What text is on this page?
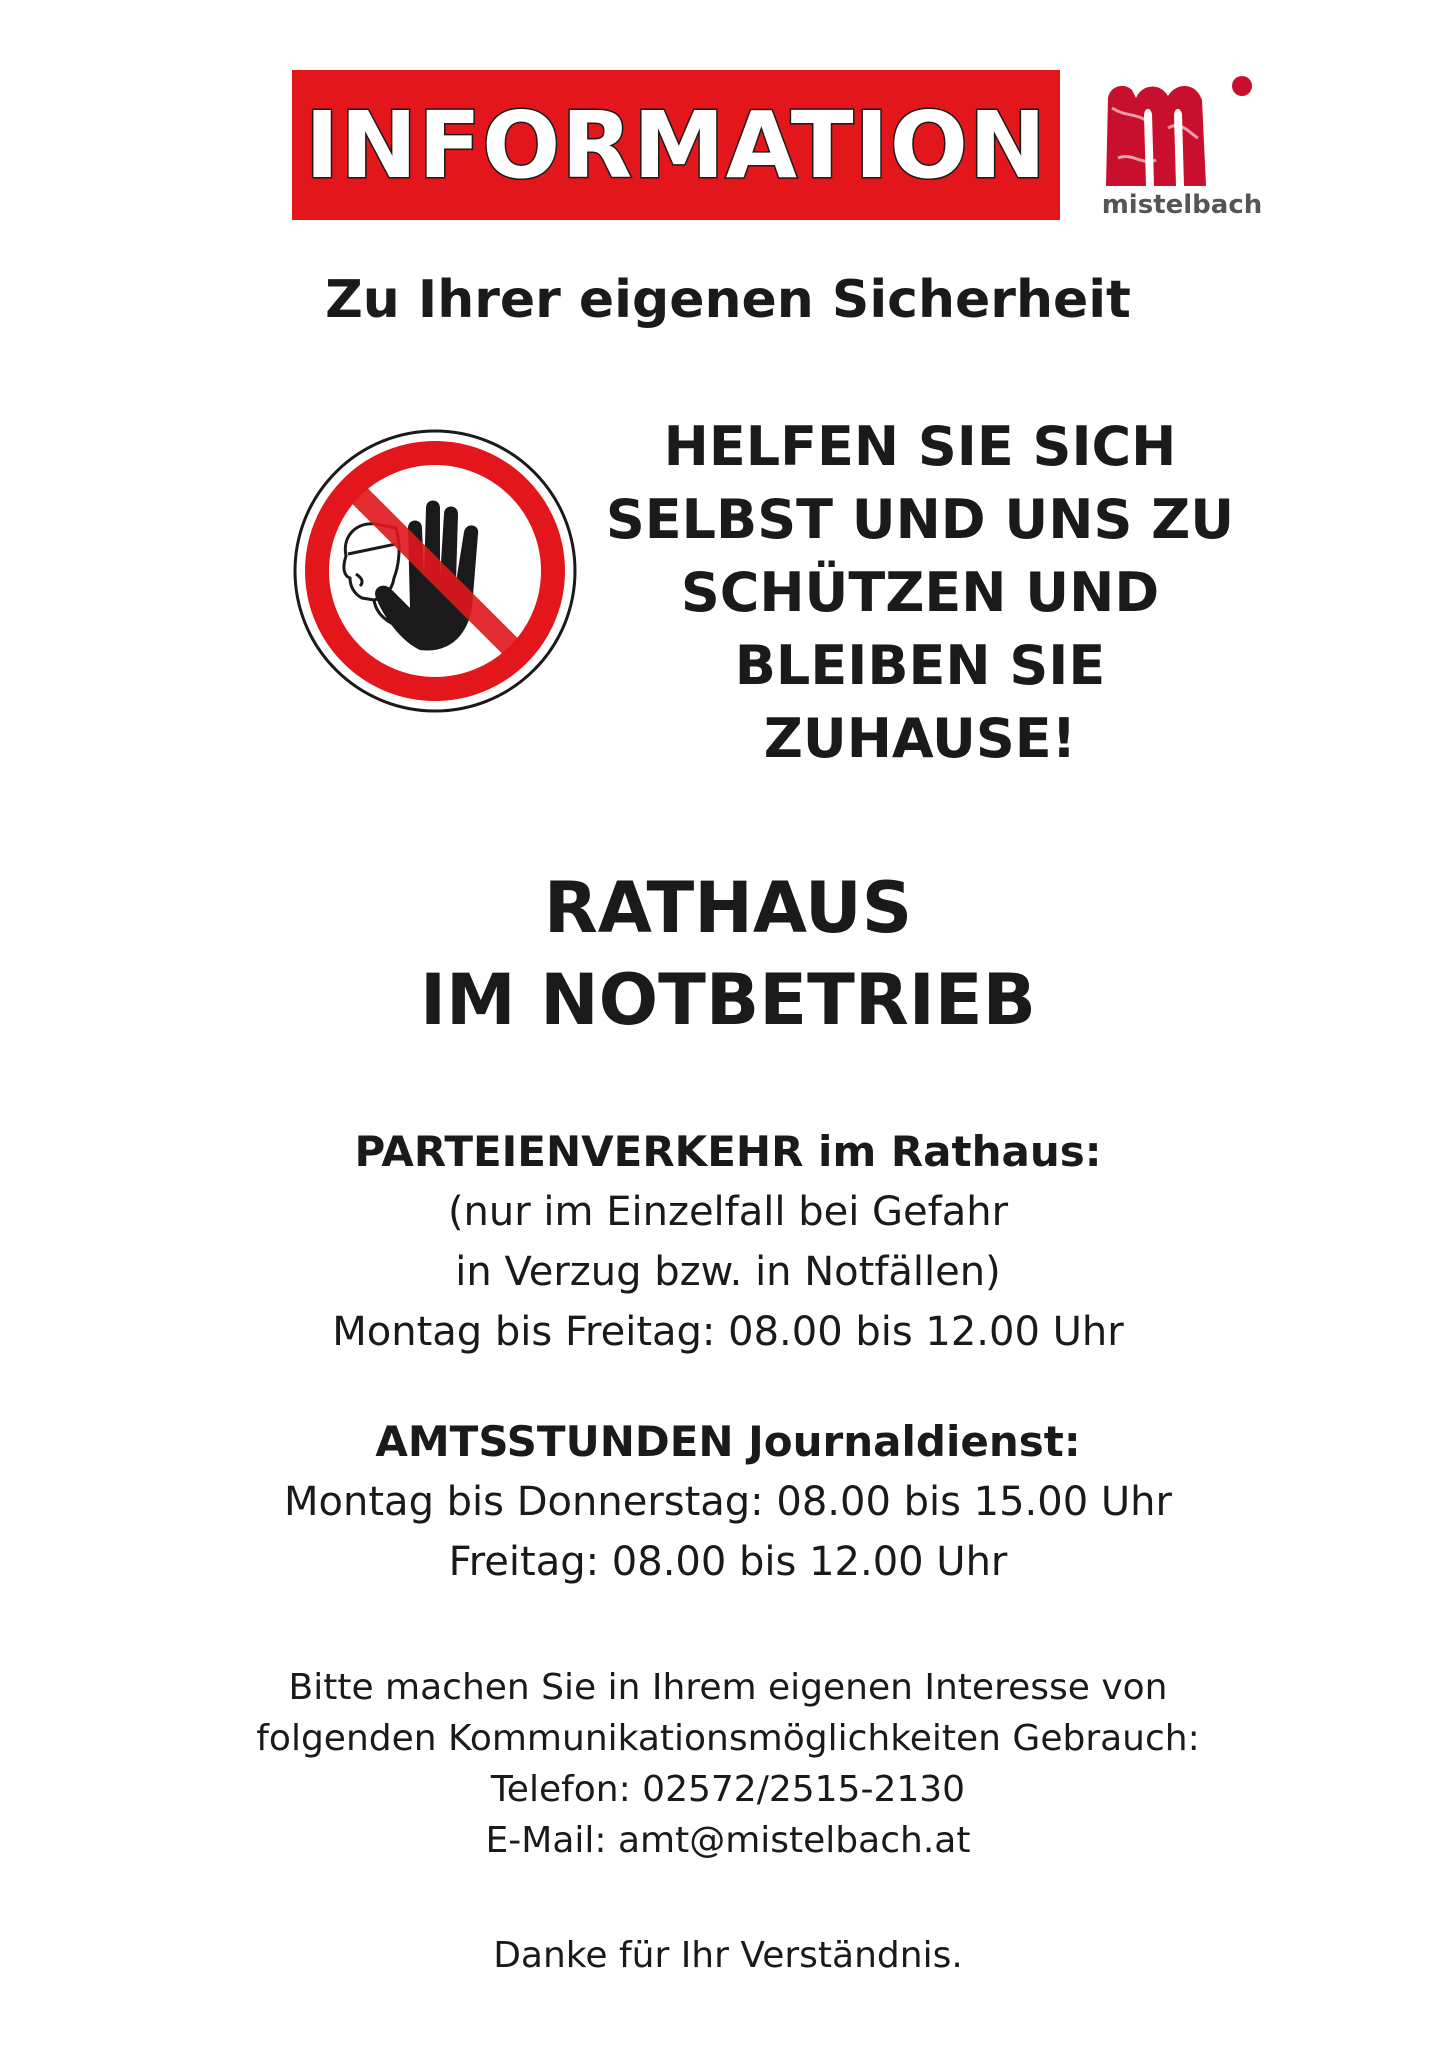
INFORMATION
mistelbach
Zu Ihrer eigenen Sicherheit
HELFEN SIE SICH
SELBST UND UNS ZU
SCHÜTZEN UND
BLEIBEN SIE ZUHAUSE!
RATHAUS
IM NOTBETRIEB
PARTEIENVERKEHR im Rathaus:
(nur im Einzelfall bei Gefahr
in Verzug bzw. in Notfällen)
Montag bis Freitag: 08.00 bis 12.00 Uhr
AMTSSTUNDEN Journaldienst:
Montag bis Donnerstag: 08.00 bis 15.00 Uhr
Freitag: 08.00 bis 12.00 Uhr
Bitte machen Sie in Ihrem eigenen Interesse von
folgenden Kommunikationsmöglichkeiten Gebrauch:
Telefon: 02572/2515-2130
E-Mail: amt@mistelbach.at
Danke für Ihr Verständnis.
